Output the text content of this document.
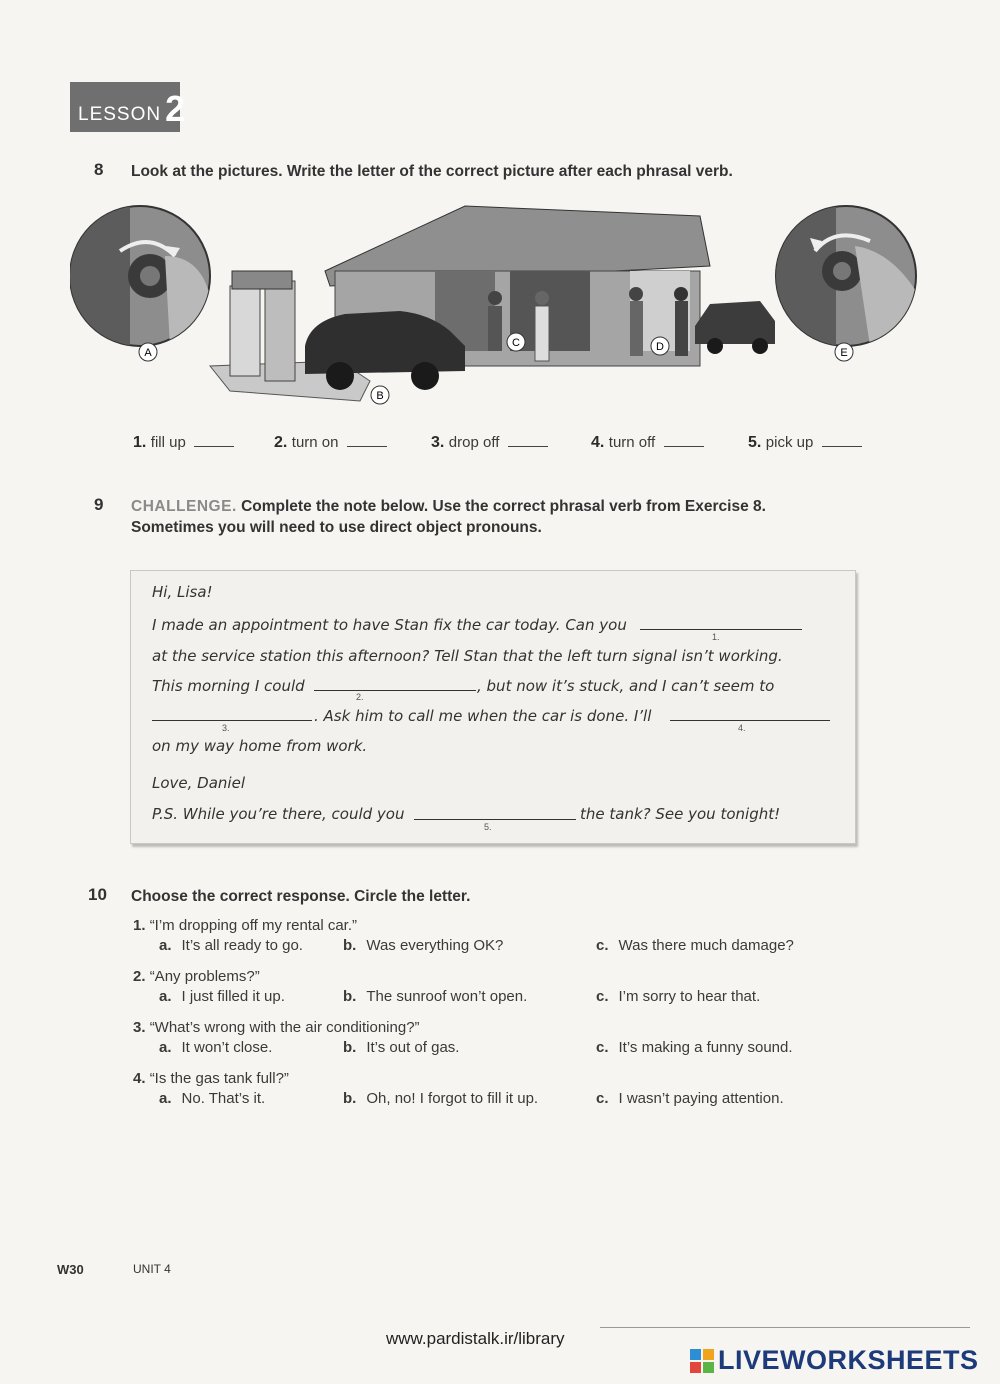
LESSON 2
8 Look at the pictures. Write the letter of the correct picture after each phrasal verb.
A
B
C	D	E
1. fill up	2. turn on	3. drop off	4. turn off	5. pick up
9 CHALLENGE. Complete the note below. Use the correct phrasal verb from Exercise 8.
Sometimes you will need to use direct object pronouns.
Hi, Lisa!
I made an appointment to have Stan fix the car today. Can you
1.
at the service station this afternoon? Tell Stan that the left turn signal isn’t working.
This morning I could
2.
, but now it’s stuck, and I can’t seem to
3.
. Ask him to call me when the car is done. I’ll
4.
on my way home from work.
Love, Daniel
P.S. While you’re there, could you
5.
the tank? See you tonight!
10 Choose the correct response. Circle the letter.
1. “I’m dropping off my rental car.”
a. It’s all ready to go.	b. Was everything OK?	c. Was there much damage?
2. “Any problems?”
a. I just filled it up.	b. The sunroof won’t open.	c. I’m sorry to hear that.
3. “What’s wrong with the air conditioning?”
a. It won’t close.	b. It’s out of gas.	c. It’s making a funny sound.
4. “Is the gas tank full?”
a. No. That’s it.	b. Oh, no! I forgot to fill it up.	c. I wasn’t paying attention.
W30	UNIT 4
www.pardistalk.ir/library
LIVEWORKSHEETS
